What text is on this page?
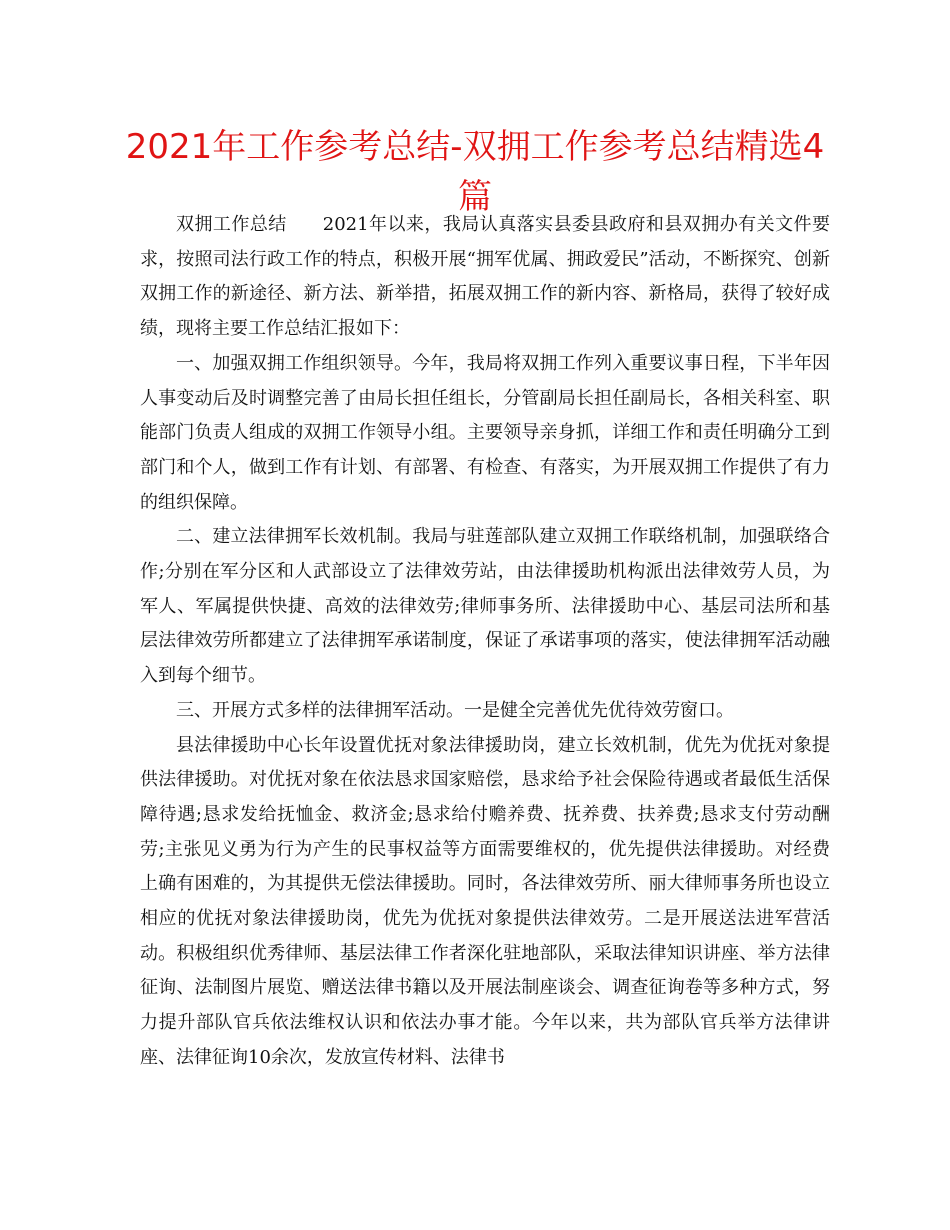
2021年工作参考总结-双拥工作参考总结精选4篇

双拥工作总结 2021年以来，我局认真落实县委县政府和县双拥办有关文件要求，按照司法行政工作的特点，积极开展“拥军优属、拥政爱民”活动，不断探究、创新双拥工作的新途径、新方法、新举措，拓展双拥工作的新内容、新格局，获得了较好成绩，现将主要工作总结汇报如下：

一、加强双拥工作组织领导。今年，我局将双拥工作列入重要议事日程，下半年因人事变动后及时调整完善了由局长担任组长，分管副局长担任副局长，各相关科室、职能部门负责人组成的双拥工作领导小组。主要领导亲身抓，详细工作和责任明确分工到部门和个人，做到工作有计划、有部署、有检查、有落实，为开展双拥工作提供了有力的组织保障。

二、建立法律拥军长效机制。我局与驻莲部队建立双拥工作联络机制，加强联络合作;分别在军分区和人武部设立了法律效劳站，由法律援助机构派出法律效劳人员，为军人、军属提供快捷、高效的法律效劳;律师事务所、法律援助中心、基层司法所和基层法律效劳所都建立了法律拥军承诺制度，保证了承诺事项的落实，使法律拥军活动融入到每个细节。

三、开展方式多样的法律拥军活动。一是健全完善优先优待效劳窗口。

县法律援助中心长年设置优抚对象法律援助岗，建立长效机制，优先为优抚对象提供法律援助。对优抚对象在依法恳求国家赔偿，恳求给予社会保险待遇或者最低生活保障待遇;恳求发给抚恤金、救济金;恳求给付赡养费、抚养费、扶养费;恳求支付劳动酬劳;主张见义勇为行为产生的民事权益等方面需要维权的，优先提供法律援助。对经费上确有困难的，为其提供无偿法律援助。同时，各法律效劳所、丽大律师事务所也设立相应的优抚对象法律援助岗，优先为优抚对象提供法律效劳。二是开展送法进军营活动。积极组织优秀律师、基层法律工作者深化驻地部队，采取法律知识讲座、举方法律征询、法制图片展览、赠送法律书籍以及开展法制座谈会、调查征询卷等多种方式，努力提升部队官兵依法维权认识和依法办事才能。今年以来，共为部队官兵举方法律讲座、法律征询10余次，发放宣传材料、法律书
